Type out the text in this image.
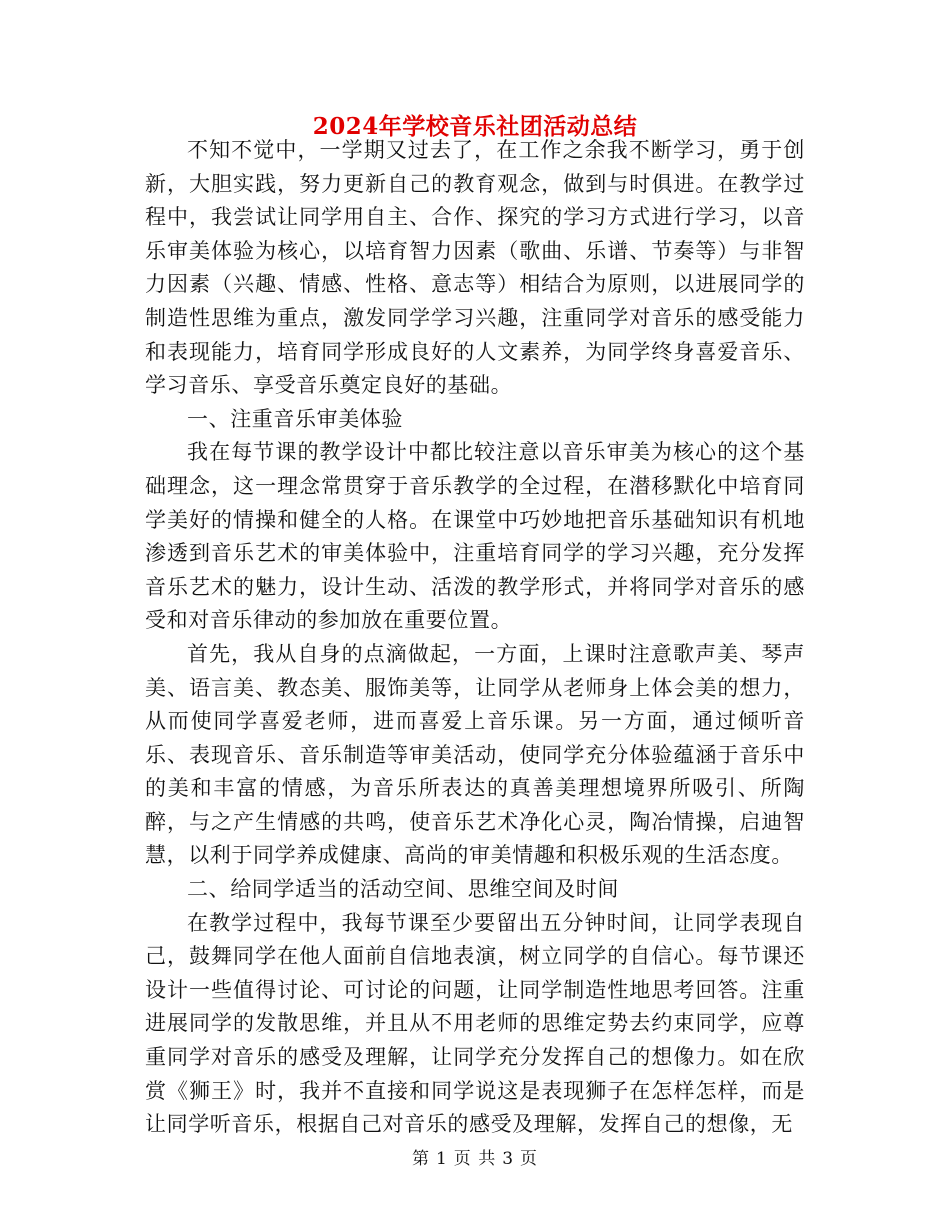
2024年学校音乐社团活动总结

不知不觉中，一学期又过去了，在工作之余我不断学习，勇于创新，大胆实践，努力更新自己的教育观念，做到与时俱进。在教学过程中，我尝试让同学用自主、合作、探究的学习方式进行学习，以音乐审美体验为核心，以培育智力因素（歌曲、乐谱、节奏等）与非智力因素（兴趣、情感、性格、意志等）相结合为原则，以进展同学的制造性思维为重点，激发同学学习兴趣，注重同学对音乐的感受能力和表现能力，培育同学形成良好的人文素养，为同学终身喜爱音乐、学习音乐、享受音乐奠定良好的基础。

一、注重音乐审美体验

我在每节课的教学设计中都比较注意以音乐审美为核心的这个基础理念，这一理念常贯穿于音乐教学的全过程，在潜移默化中培育同学美好的情操和健全的人格。在课堂中巧妙地把音乐基础知识有机地渗透到音乐艺术的审美体验中，注重培育同学的学习兴趣，充分发挥音乐艺术的魅力，设计生动、活泼的教学形式，并将同学对音乐的感受和对音乐律动的参加放在重要位置。

首先，我从自身的点滴做起，一方面，上课时注意歌声美、琴声美、语言美、教态美、服饰美等，让同学从老师身上体会美的想力，从而使同学喜爱老师，进而喜爱上音乐课。另一方面，通过倾听音乐、表现音乐、音乐制造等审美活动，使同学充分体验蕴涵于音乐中的美和丰富的情感，为音乐所表达的真善美理想境界所吸引、所陶醉，与之产生情感的共鸣，使音乐艺术净化心灵，陶冶情操，启迪智慧，以利于同学养成健康、高尚的审美情趣和积极乐观的生活态度。

二、给同学适当的活动空间、思维空间及时间

在教学过程中，我每节课至少要留出五分钟时间，让同学表现自己，鼓舞同学在他人面前自信地表演，树立同学的自信心。每节课还设计一些值得讨论、可讨论的问题，让同学制造性地思考回答。注重进展同学的发散思维，并且从不用老师的思维定势去约束同学，应尊重同学对音乐的感受及理解，让同学充分发挥自己的想像力。如在欣赏《狮王》时，我并不直接和同学说这是表现狮子在怎样怎样，而是让同学听音乐，根据自己对音乐的感受及理解，发挥自己的想像，无

第 1 页 共 3 页
